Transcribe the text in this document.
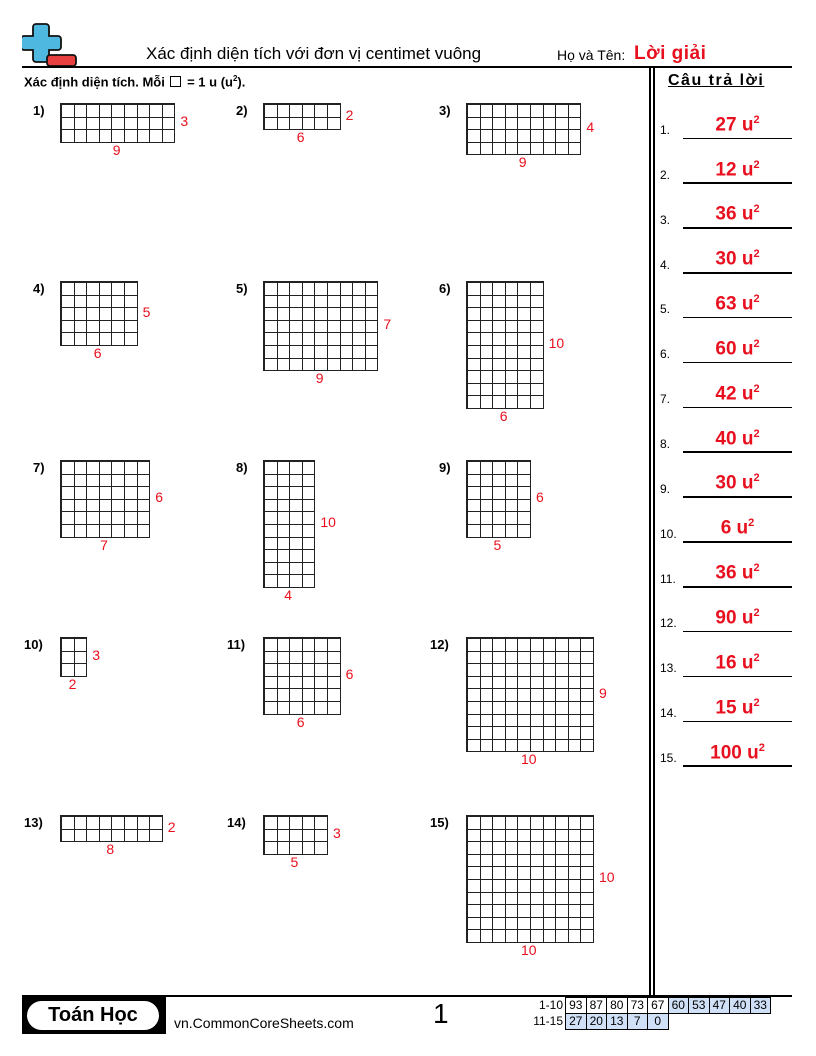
Xác định diện tích với đơn vị centimet vuông	Họ và Tên: Lời giải
Xác định diện tích. Mỗi = 1 u $(u^2)$.	Câu trả lời
1)
3
9
2)	2
6
3)
4
9
4)
5
6
5)
7
9
6)
10
6
7)
6
7
8)
10
4
9)
6
5
10)
3
2
11)
6
6
12)
9
10
13)	2
8
14)
3
5
15)
10
10
1.	27 $u^2$
2.	12 $u^2$
3.	36 $u^2$
4.	30 $u^2$
5.	63 $u^2$
6.	60 $u^2$
7.	42 $u^2$
8.	40 $u^2$
9.	30 $u^2$
10.	6 $u^2$
11.	36 $u^2$
12.	90 $u^2$
13.	16 $u^2$
14.	15 $u^2$
15.	100 $u^2$
Toán Học	vn.CommonCoreSheets.com	1	1-10 93 87 80 73 67 60 53 47 40 33
11-15 27 20 13 7	0
